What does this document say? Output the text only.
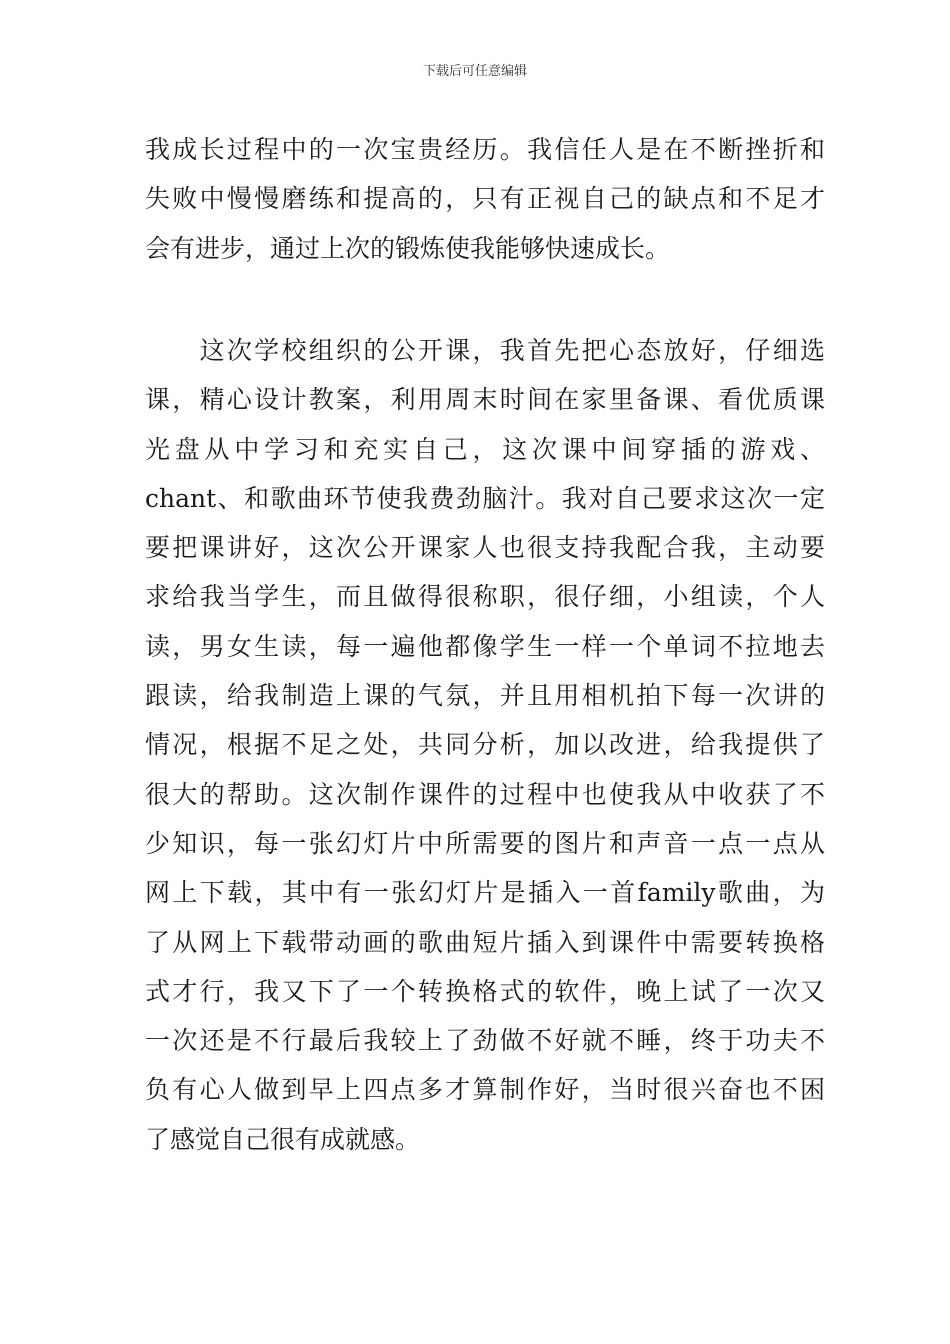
下载后可任意编辑
我成长过程中的一次宝贵经历。我信任人是在不断挫折和
失败中慢慢磨练和提高的，只有正视自己的缺点和不足才
会有进步，通过上次的锻炼使我能够快速成长。
　　这次学校组织的公开课，我首先把心态放好，仔细选
课，精心设计教案，利用周末时间在家里备课、看优质课
光盘从中学习和充实自己，这次课中间穿插的游戏、
chant、和歌曲环节使我费劲脑汁。我对自己要求这次一定
要把课讲好，这次公开课家人也很支持我配合我，主动要
求给我当学生，而且做得很称职，很仔细，小组读，个人
读，男女生读，每一遍他都像学生一样一个单词不拉地去
跟读，给我制造上课的气氛，并且用相机拍下每一次讲的
情况，根据不足之处，共同分析，加以改进，给我提供了
很大的帮助。这次制作课件的过程中也使我从中收获了不
少知识，每一张幻灯片中所需要的图片和声音一点一点从
网上下载，其中有一张幻灯片是插入一首family歌曲，为
了从网上下载带动画的歌曲短片插入到课件中需要转换格
式才行，我又下了一个转换格式的软件，晚上试了一次又
一次还是不行最后我较上了劲做不好就不睡，终于功夫不
负有心人做到早上四点多才算制作好，当时很兴奋也不困
了感觉自己很有成就感。
